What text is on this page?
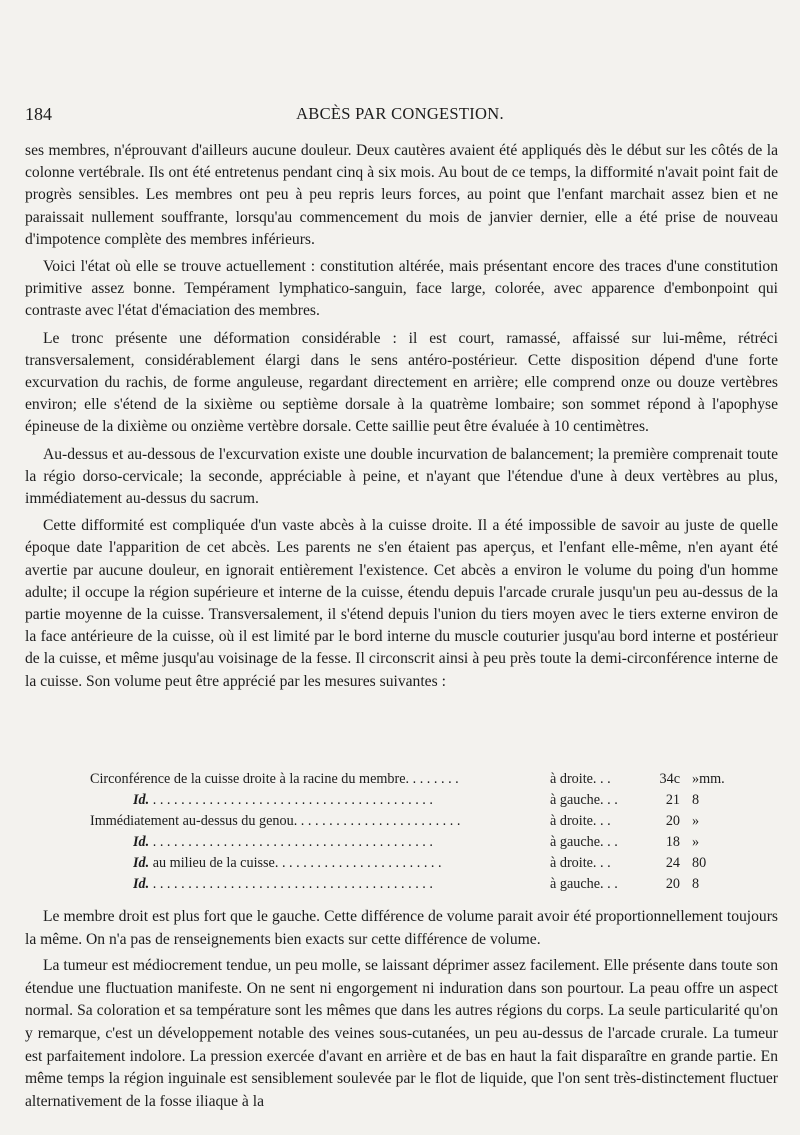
184	ABCÈS PAR CONGESTION.

ses membres, n'éprouvant d'ailleurs aucune douleur. Deux cautères avaient été appliqués dès le début sur les côtés de la colonne vertébrale. Ils ont été entretenus pendant cinq à six mois. Au bout de ce temps, la difformité n'avait point fait de progrès sensibles. Les membres ont peu à peu repris leurs forces, au point que l'enfant marchait assez bien et ne paraissait nullement souffrante, lorsqu'au commencement du mois de janvier dernier, elle a été prise de nouveau d'impotence complète des membres inférieurs.

Voici l'état où elle se trouve actuellement : constitution altérée, mais présentant encore des traces d'une constitution primitive assez bonne. Tempérament lymphatico-sanguin, face large, colorée, avec apparence d'embonpoint qui contraste avec l'état d'émaciation des membres.

Le tronc présente une déformation considérable : il est court, ramassé, affaissé sur lui-même, rétréci transversalement, considérablement élargi dans le sens antéro-postérieur. Cette disposition dépend d'une forte excurvation du rachis, de forme anguleuse, regardant directement en arrière; elle comprend onze ou douze vertèbres environ; elle s'étend de la sixième ou septième dorsale à la quatrème lombaire; son sommet répond à l'apophyse épineuse de la dixième ou onzième vertèbre dorsale. Cette saillie peut être évaluée à 10 centimètres.

Au-dessus et au-dessous de l'excurvation existe une double incurvation de balancement; la première comprenait toute la régio dorso-cervicale; la seconde, appréciable à peine, et n'ayant que l'étendue d'une à deux vertèbres au plus, immédiatement au-dessus du sacrum.

Cette difformité est compliquée d'un vaste abcès à la cuisse droite. Il a été impossible de savoir au juste de quelle époque date l'apparition de cet abcès. Les parents ne s'en étaient pas aperçus, et l'enfant elle-même, n'en ayant été avertie par aucune douleur, en ignorait entièrement l'existence. Cet abcès a environ le volume du poing d'un homme adulte; il occupe la région supérieure et interne de la cuisse, étendu depuis l'arcade crurale jusqu'un peu au-dessus de la partie moyenne de la cuisse. Transversalement, il s'étend depuis l'union du tiers moyen avec le tiers externe environ de la face antérieure de la cuisse, où il est limité par le bord interne du muscle couturier jusqu'au bord interne et postérieur de la cuisse, et même jusqu'au voisinage de la fesse. Il circonscrit ainsi à peu près toute la demi-circonférence interne de la cuisse. Son volume peut être apprécié par les mesures suivantes :

Circonférence de la cuisse droite à la racine du membre. . . . . . . .	à droite. . .	34c »mm.
Id. . . . . . . . . . . . . . . . . . . . . . . . . . . . . . . . . . . . . . . . .	à gauche. . .	21 8
Immédiatement au-dessus du genou. . . . . . . . . . . . . . . . . . . . . . . .	à droite. . .	20 »
Id. . . . . . . . . . . . . . . . . . . . . . . . . . . . . . . . . . . . . . . . .	à gauche. . .	18 »
Id. au milieu de la cuisse. . . . . . . . . . . . . . . . . . . . . . . .	à droite. . .	24 80
Id. . . . . . . . . . . . . . . . . . . . . . . . . . . . . . . . . . . . . . . . .	à gauche. . .	20 8

Le membre droit est plus fort que le gauche. Cette différence de volume parait avoir été proportionnellement toujours la même. On n'a pas de renseignements bien exacts sur cette différence de volume.

La tumeur est médiocrement tendue, un peu molle, se laissant déprimer assez facilement. Elle présente dans toute son étendue une fluctuation manifeste. On ne sent ni engorgement ni induration dans son pourtour. La peau offre un aspect normal. Sa coloration et sa température sont les mêmes que dans les autres régions du corps. La seule particularité qu'on y remarque, c'est un développement notable des veines sous-cutanées, un peu au-dessus de l'arcade crurale. La tumeur est parfaitement indolore. La pression exercée d'avant en arrière et de bas en haut la fait disparaître en grande partie. En même temps la région inguinale est sensiblement soulevée par le flot de liquide, que l'on sent très-distinctement fluctuer alternativement de la fosse iliaque à la
